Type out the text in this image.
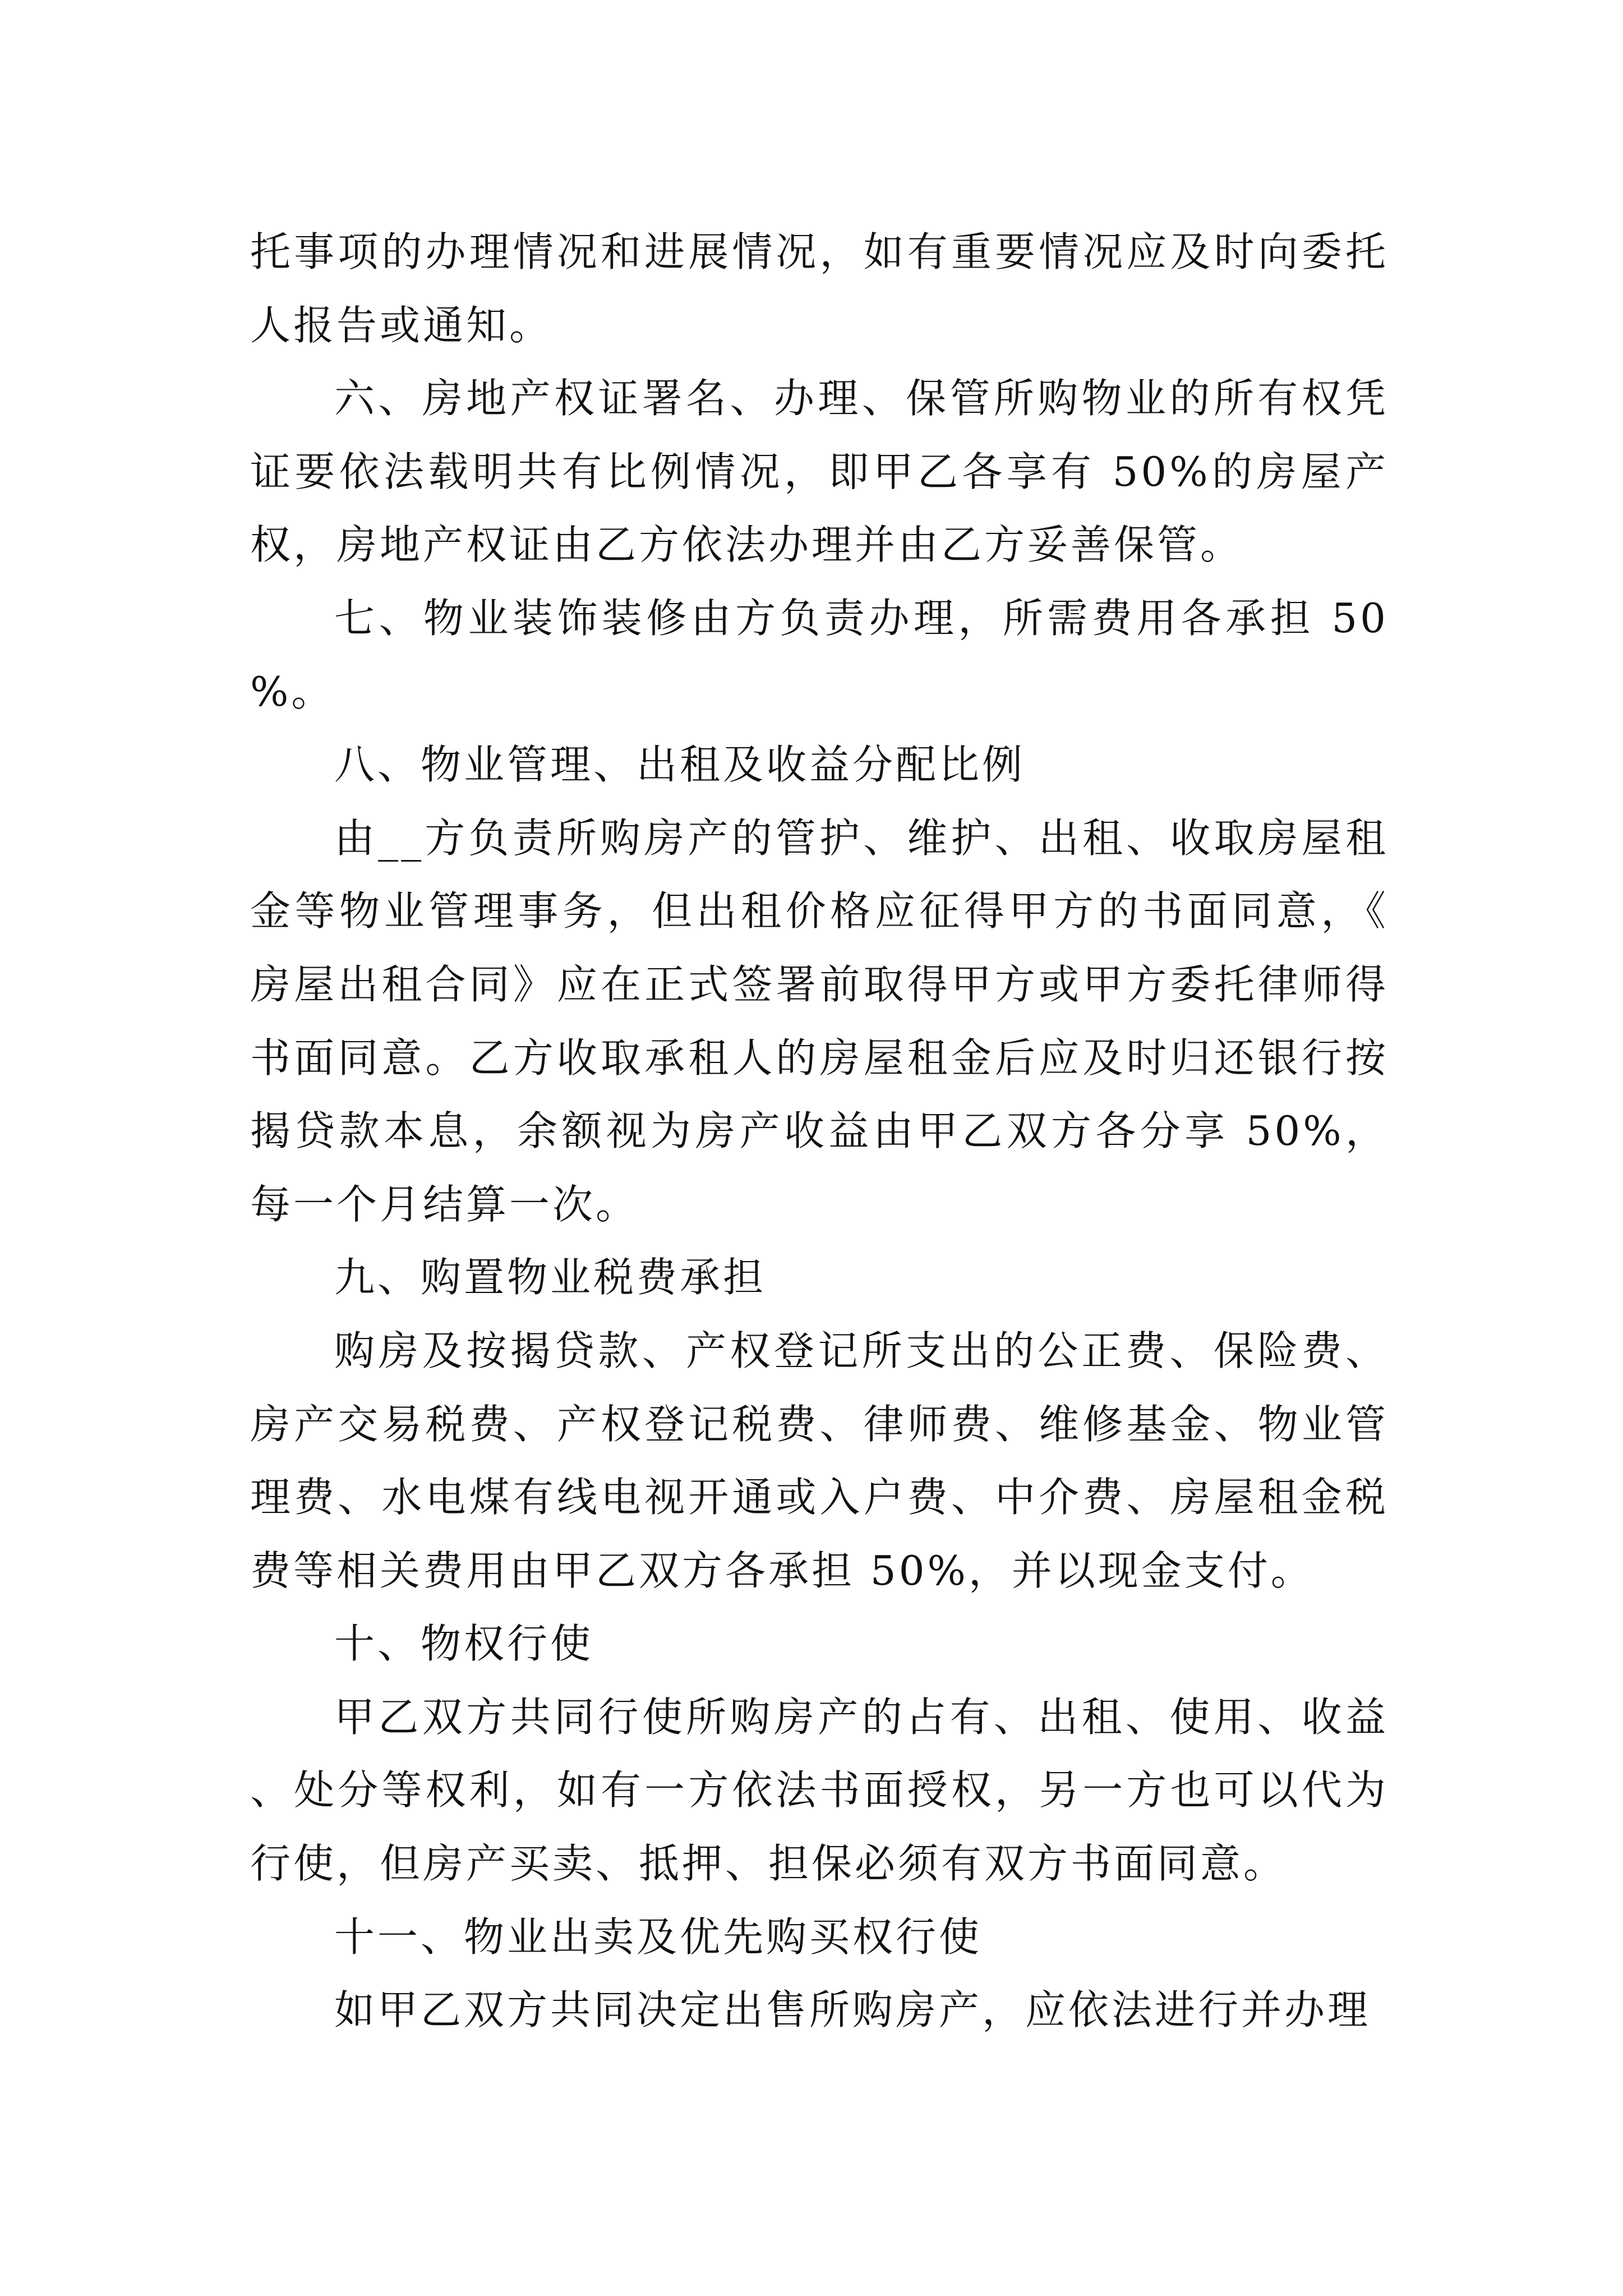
托事项的办理情况和进展情况，如有重要情况应及时向委托人报告或通知。

六、房地产权证署名、办理、保管所购物业的所有权凭证要依法载明共有比例情况，即甲乙各享有 50%的房屋产权，房地产权证由乙方依法办理并由乙方妥善保管。

七、物业装饰装修由方负责办理，所需费用各承担 50%。

八、物业管理、出租及收益分配比例

由__方负责所购房产的管护、维护、出租、收取房屋租金等物业管理事务，但出租价格应征得甲方的书面同意，《房屋出租合同》应在正式签署前取得甲方或甲方委托律师得书面同意。乙方收取承租人的房屋租金后应及时归还银行按揭贷款本息，余额视为房产收益由甲乙双方各分享 50%，每一个月结算一次。

九、购置物业税费承担

购房及按揭贷款、产权登记所支出的公正费、保险费、房产交易税费、产权登记税费、律师费、维修基金、物业管理费、水电煤有线电视开通或入户费、中介费、房屋租金税费等相关费用由甲乙双方各承担 50%，并以现金支付。

十、物权行使

甲乙双方共同行使所购房产的占有、出租、使用、收益、处分等权利，如有一方依法书面授权，另一方也可以代为行使，但房产买卖、抵押、担保必须有双方书面同意。

十一、物业出卖及优先购买权行使

如甲乙双方共同决定出售所购房产，应依法进行并办理
